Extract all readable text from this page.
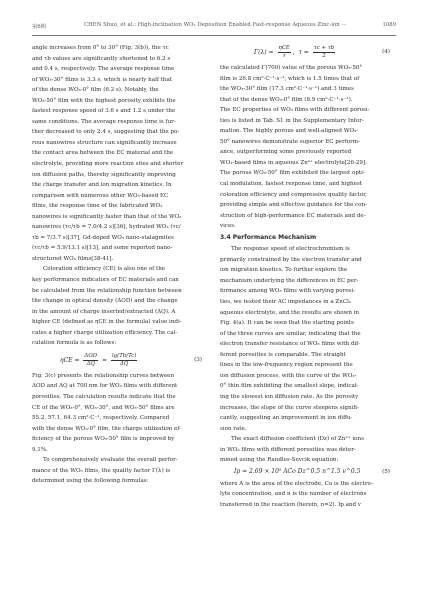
第6期	CHEN Shuo, et al.: High-inclination WO₃ Deposition Enabled Fast-response Aqueous Zinc-ion ···	1089
angle increases from 0° to 30° (Fig. 3(b)), the τc
and τb values are significantly shortened to 6.2 s
and 0.4 s, respectively. The average response time
of WO₃-30° films is 3.3 s, which is nearly half that
of the dense WO₃-0° film (6.2 s). Notably, the
WO₃-50° film with the highest porosity exhibits the
fastest response speed of 3.6 s and 1.2 s under the
same conditions. The average response time is fur-
ther decreased to only 2.4 s, suggesting that the po-
rous nanowires structure can significantly increase
the contact area between the EC material and the
electrolyte, providing more reaction sites and shorter
ion diffusion paths, thereby significantly improving
the charge transfer and ion migration kinetics. In
comparison with numerous other WO₃-based EC
films, the response time of the fabricated WO₃
nanowires is significantly faster than that of the WO₃
nanowires (τc/τb = 7.0/4.2 s)[36], hydrated WO₃ (τc/
τb = 7/3.7 s)[37], Gd-doped WO₃ nano-stalagmites
(τc/τb = 5.9/13.1 s)[13], and some reported nano-
structured WO₃ films[38-41].
Coloration efficiency (CE) is also one of the
key performance indicators of EC materials and can
be calculated from the relationship function between
the change in optical density (ΔOD) and the change
in the amount of charge inserted/extracted (ΔQ). A
higher CE (defined as ηCE in the formula) value indi-
cates a higher charge utilization efficiency. The cal-
culation formula is as follows:
$\eta CE = \frac{\text{ΔOD}}{\Delta Q} = \frac{\lg(Tb/Tc)}{\Delta Q}$	(3)
Fig. 3(c) presents the relationship curves between
ΔOD and ΔQ at 700 nm for WO₃ films with different
porosities. The calculation results indicate that the
CE of the WO₃-0°, WO₃-30°, and WO₃-50° films are
55.2, 57.1, 64.3 cm²·C⁻¹, respectively. Compared
with the dense WO₃-0° film, the charge utilization ef-
ficiency of the porous WO₃-50° film is improved by
9.1%.
To comprehensively evaluate the overall perfor-
mance of the WO₃ films, the quality factor Γ(λ) is
determined using the following formulas:
$\Gamma(\lambda) = \frac{\text{ηCE}}{\tau}$ , $\tau = \frac{\tau c + \tau b}{2}$	(4)
the calculated Γ(700) value of the porous WO₃-50°
film is 26.8 cm²·C⁻¹·s⁻¹, which is 1.5 times that of
the WO₃-30° film (17.3 cm²·C⁻¹·s⁻¹) and 3 times
that of the dense WO₃-0° film (8.9 cm²·C⁻¹·s⁻¹).
The EC properties of WO₃ films with different porosi-
ties is listed in Tab. S1 in the Supplementary Infor-
mation. The highly porous and well-aligned WO₃-
50° nanowires demonstrate superior EC perform-
ance, outperforming some previously reported
WO₃-based films in aqueous Zn²⁺ electrolyte[26-29].
The porous WO₃-50° film exhibited the largest opti-
cal modulation, fastest response time, and highest
coloration efficiency and compressive quality factor,
providing simple and effective guidance for the con-
struction of high-performance EC materials and de-
vices.
3.4 Performance Mechanism
The response speed of electrochromism is
primarily constrained by the electron transfer and
ion migration kinetics. To further explore the
mechanism underlying the differences in EC per-
formance among WO₃ films with varying porosi-
ties, we tested their AC impedances in a ZnCl₂
aqueous electrolyte, and the results are shown in
Fig. 4(a). It can be seen that the starting points
of the three curves are similar, indicating that the
electron transfer resistance of WO₃ films with dif-
ferent porosities is comparable. The straight
lines in the low-frequency region represent the
ion diffusion process, with the curve of the WO₃-
0° thin film exhibiting the smallest slope, indicat-
ing the slowest ion diffusion rate. As the porosity
increases, the slope of the curve steepens signifi-
cantly, suggesting an improvement in ion diffu-
sion rate.
The exact diffusion coefficient (Dz) of Zn²⁺ ions
in WO₃ films with different porosities was deter-
mined using the Randles-Sevcik equation:
Ip = 2.69 × 10⁵ ACo Dz^0.5 n^1.5 v^0.5	(5)
where A is the area of the electrode, Co is the electro-
lyte concentration, and n is the number of electrons
transferred in the reaction (herein, n=2). Ip and v
